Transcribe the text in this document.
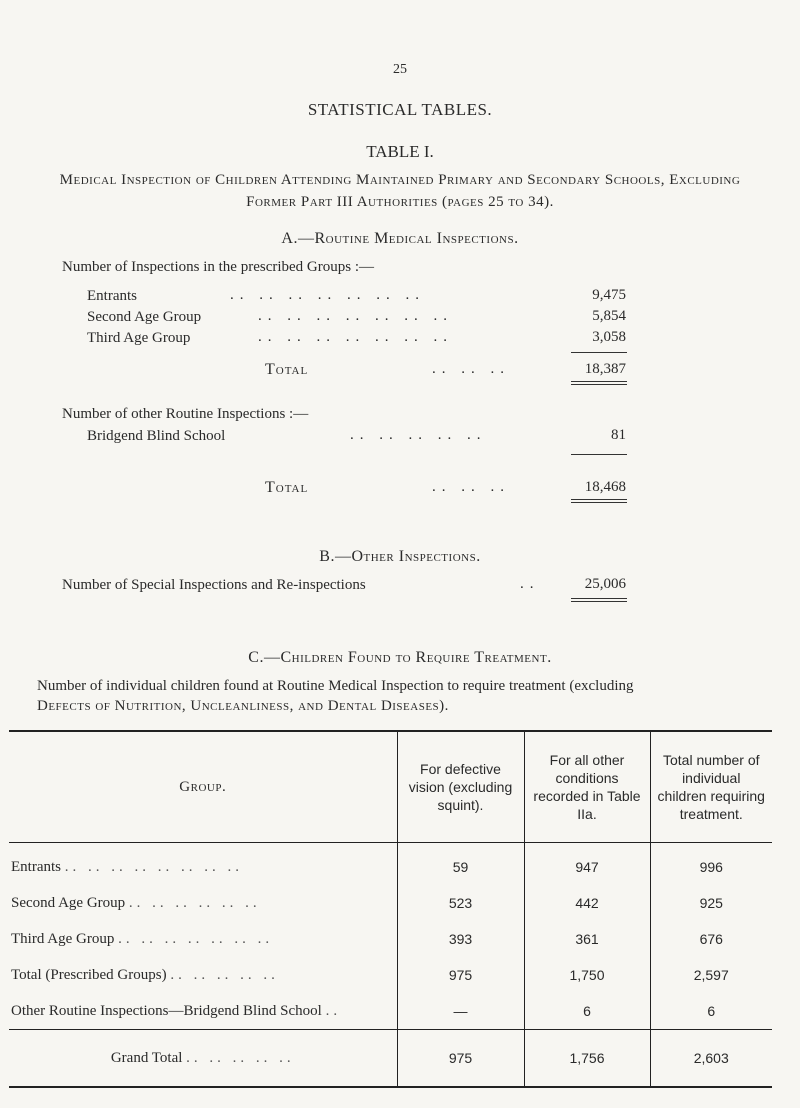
25
STATISTICAL TABLES.
TABLE I.
Medical Inspection of Children Attending Maintained Primary and Secondary Schools, Excluding
Former Part III Authorities (pages 25 to 34).
A.—Routine Medical Inspections.
Number of Inspections in the prescribed Groups :—
Entrants	.. .. .. .. .. .. ..	9,475
Second Age Group	.. .. .. .. .. .. ..	5,854
Third Age Group	.. .. .. .. .. .. ..	3,058
Total	.. .. ..	18,387
Number of other Routine Inspections :—
Bridgend Blind School	.. .. .. .. ..	81
Total	.. .. ..	18,468
B.—Other Inspections.
Number of Special Inspections and Re-inspections	..	25,006
C.—Children Found to Require Treatment.
Number of individual children found at Routine Medical Inspection to require treatment (excluding
Defects of Nutrition, Uncleanliness, and Dental Diseases).
Group.	For defective vision (excluding squint).	For all other conditions recorded in Table IIa.	Total number of individual children requiring treatment.
Entrants .. .. .. .. .. .. .. ..	59	947	996
Second Age Group .. .. .. .. .. ..	523	442	925
Third Age Group .. .. .. .. .. .. ..	393	361	676
Total (Prescribed Groups) .. .. .. .. ..	975	1,750	2,597
Other Routine Inspections—Bridgend Blind School ..	—	6	6
Grand Total .. .. .. .. ..	975	1,756	2,603
